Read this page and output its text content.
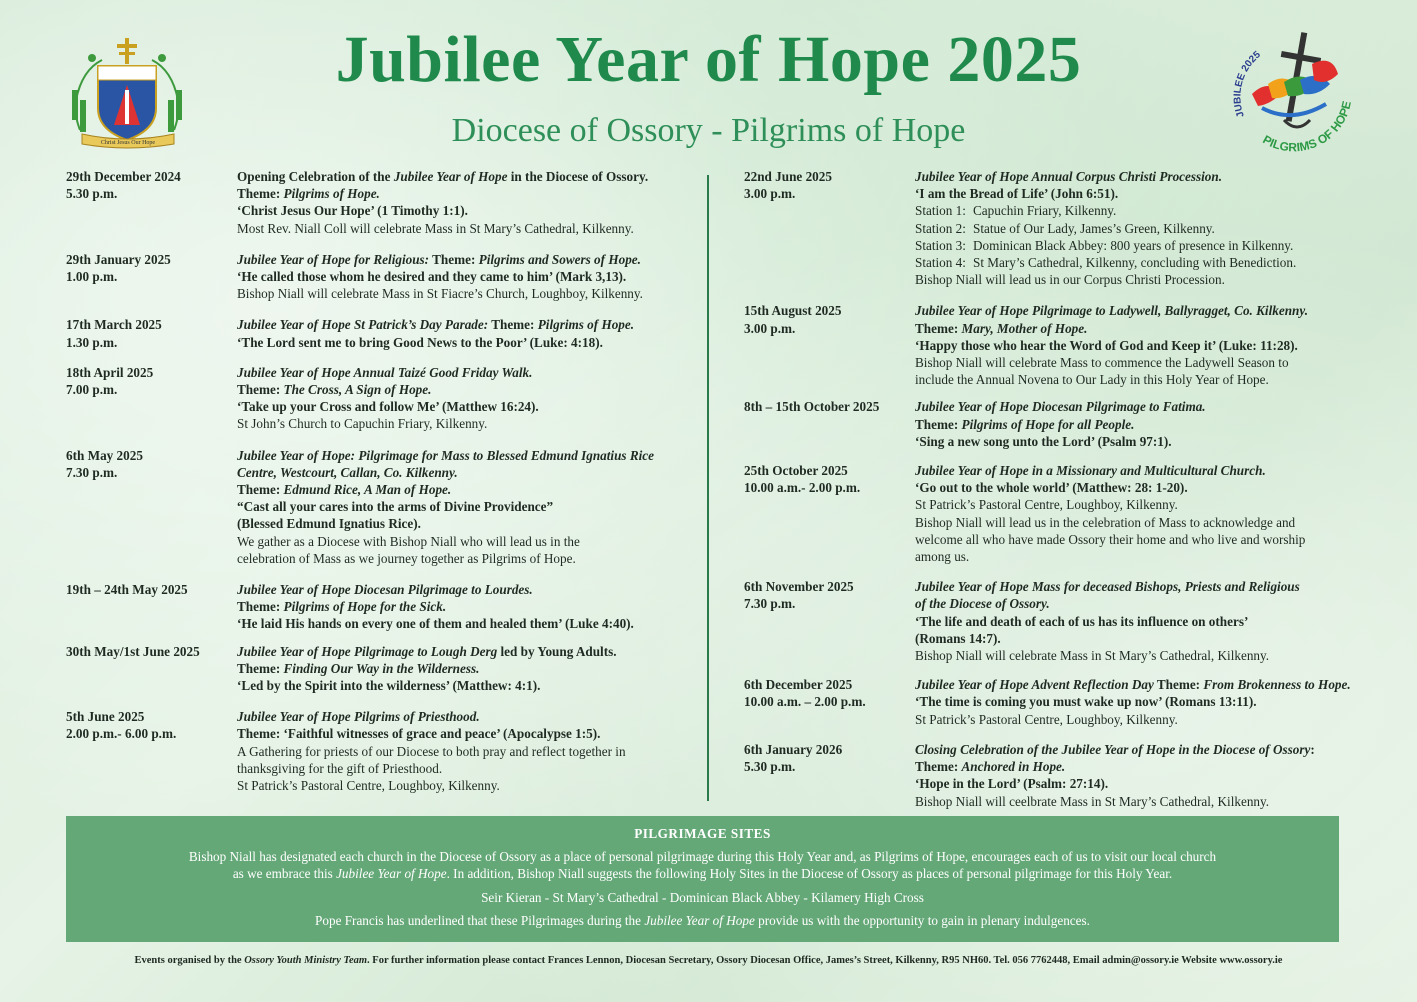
Christ Jesus Our Hope
JUBILEE 2025
PILGRIMS OF HOPE
Jubilee Year of Hope 2025
Diocese of Ossory - Pilgrims of Hope
29th December 2024
5.30 p.m.
Opening Celebration of the Jubilee Year of Hope in the Diocese of Ossory.
Theme: Pilgrims of Hope.
‘Christ Jesus Our Hope’ (1 Timothy 1:1).
Most Rev. Niall Coll will celebrate Mass in St Mary’s Cathedral, Kilkenny.
29th January 2025
1.00 p.m.
Jubilee Year of Hope for Religious: Theme: Pilgrims and Sowers of Hope.
‘He called those whom he desired and they came to him’ (Mark 3,13).
Bishop Niall will celebrate Mass in St Fiacre’s Church, Loughboy, Kilkenny.
17th March 2025
1.30 p.m.
Jubilee Year of Hope St Patrick’s Day Parade: Theme: Pilgrims of Hope.
‘The Lord sent me to bring Good News to the Poor’ (Luke: 4:18).
18th April 2025
7.00 p.m.
Jubilee Year of Hope Annual Taizé Good Friday Walk.
Theme: The Cross, A Sign of Hope.
‘Take up your Cross and follow Me’ (Matthew 16:24).
St John’s Church to Capuchin Friary, Kilkenny.
6th May 2025
7.30 p.m.
Jubilee Year of Hope: Pilgrimage for Mass to Blessed Edmund Ignatius Rice
Centre, Westcourt, Callan, Co. Kilkenny.
Theme: Edmund Rice, A Man of Hope.
“Cast all your cares into the arms of Divine Providence”
(Blessed Edmund Ignatius Rice).
We gather as a Diocese with Bishop Niall who will lead us in the
celebration of Mass as we journey together as Pilgrims of Hope.
19th – 24th May 2025	Jubilee Year of Hope Diocesan Pilgrimage to Lourdes.
Theme: Pilgrims of Hope for the Sick.
‘He laid His hands on every one of them and healed them’ (Luke 4:40).
30th May/1st June 2025	Jubilee Year of Hope Pilgrimage to Lough Derg led by Young Adults.
Theme: Finding Our Way in the Wilderness.
‘Led by the Spirit into the wilderness’ (Matthew: 4:1).
5th June 2025
2.00 p.m.- 6.00 p.m.
Jubilee Year of Hope Pilgrims of Priesthood.
Theme: ‘Faithful witnesses of grace and peace’ (Apocalypse 1:5).
A Gathering for priests of our Diocese to both pray and reflect together in
thanksgiving for the gift of Priesthood.
St Patrick’s Pastoral Centre, Loughboy, Kilkenny.
22nd June 2025
3.00 p.m.
Jubilee Year of Hope Annual Corpus Christi Procession.
‘I am the Bread of Life’ (John 6:51).
Station 1: Capuchin Friary, Kilkenny.
Station 2: Statue of Our Lady, James’s Green, Kilkenny.
Station 3: Dominican Black Abbey: 800 years of presence in Kilkenny.
Station 4: St Mary’s Cathedral, Kilkenny, concluding with Benediction.
Bishop Niall will lead us in our Corpus Christi Procession.
15th August 2025
3.00 p.m.
Jubilee Year of Hope Pilgrimage to Ladywell, Ballyragget, Co. Kilkenny.
Theme: Mary, Mother of Hope.
‘Happy those who hear the Word of God and Keep it’ (Luke: 11:28).
Bishop Niall will celebrate Mass to commence the Ladywell Season to
include the Annual Novena to Our Lady in this Holy Year of Hope.
8th – 15th October 2025	Jubilee Year of Hope Diocesan Pilgrimage to Fatima.
Theme: Pilgrims of Hope for all People.
‘Sing a new song unto the Lord’ (Psalm 97:1).
25th October 2025
10.00 a.m.- 2.00 p.m.
Jubilee Year of Hope in a Missionary and Multicultural Church.
‘Go out to the whole world’ (Matthew: 28: 1-20).
St Patrick’s Pastoral Centre, Loughboy, Kilkenny.
Bishop Niall will lead us in the celebration of Mass to acknowledge and
welcome all who have made Ossory their home and who live and worship
among us.
6th November 2025
7.30 p.m.
Jubilee Year of Hope Mass for deceased Bishops, Priests and Religious
of the Diocese of Ossory.
‘The life and death of each of us has its influence on others’
(Romans 14:7).
Bishop Niall will celebrate Mass in St Mary’s Cathedral, Kilkenny.
6th December 2025
10.00 a.m. – 2.00 p.m.
Jubilee Year of Hope Advent Reflection Day Theme: From Brokenness to Hope.
‘The time is coming you must wake up now’ (Romans 13:11).
St Patrick’s Pastoral Centre, Loughboy, Kilkenny.
6th January 2026
5.30 p.m.
Closing Celebration of the Jubilee Year of Hope in the Diocese of Ossory:
Theme: Anchored in Hope.
‘Hope in the Lord’ (Psalm: 27:14).
Bishop Niall will ceelbrate Mass in St Mary’s Cathedral, Kilkenny.

PILGRIMAGE SITES

Bishop Niall has designated each church in the Diocese of Ossory as a place of personal pilgrimage during this Holy Year and, as Pilgrims of Hope, encourages each of us to visit our local church

as we embrace this Jubilee Year of Hope. In addition, Bishop Niall suggests the following Holy Sites in the Diocese of Ossory as places of personal pilgrimage for this Holy Year.

Seir Kieran - St Mary’s Cathedral - Dominican Black Abbey - Kilamery High Cross

Pope Francis has underlined that these Pilgrimages during the Jubilee Year of Hope provide us with the opportunity to gain in plenary indulgences.

Events organised by the Ossory Youth Ministry Team. For further information please contact Frances Lennon, Diocesan Secretary, Ossory Diocesan Office, James’s Street, Kilkenny, R95 NH60. Tel. 056 7762448, Email admin@ossory.ie Website www.ossory.ie
